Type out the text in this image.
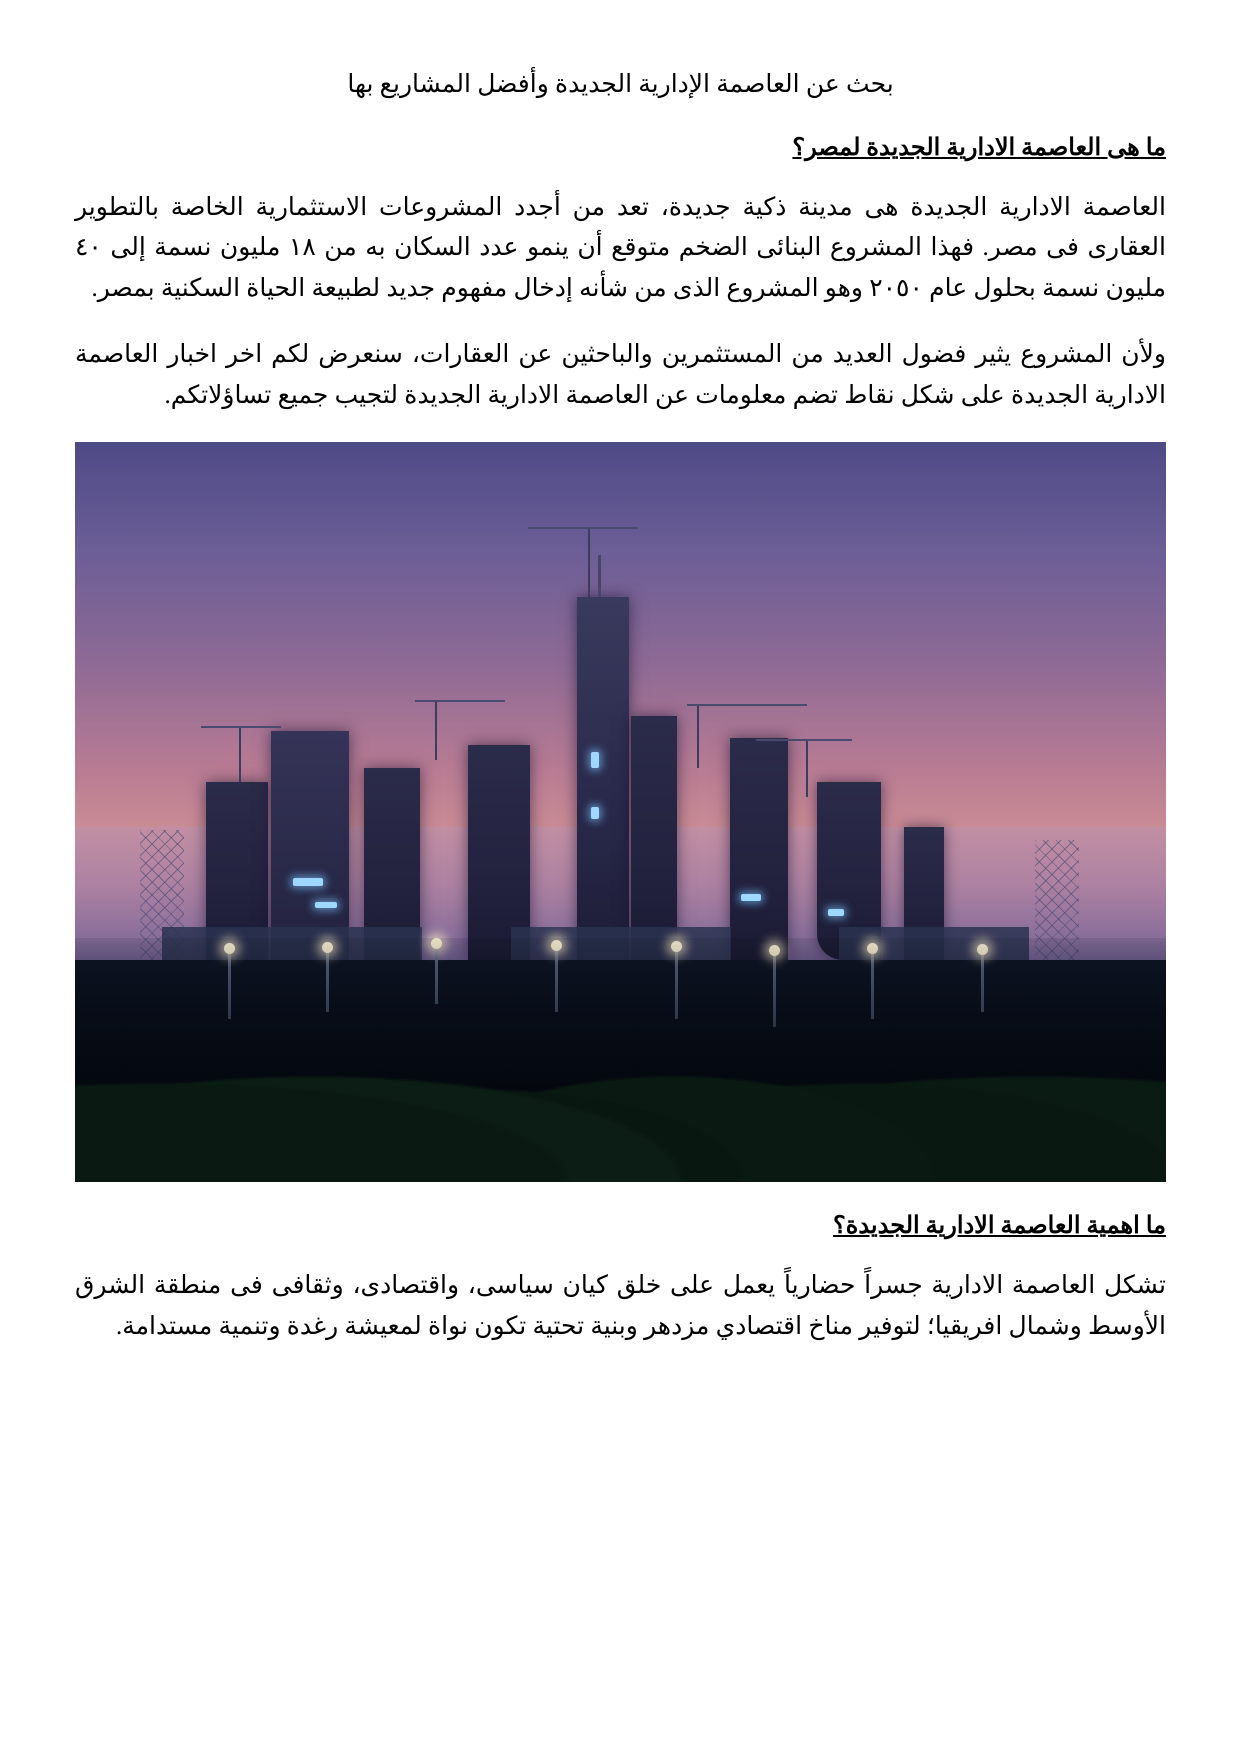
بحث عن العاصمة الإدارية الجديدة وأفضل المشاريع بها
ما هى العاصمة الادارية الجديدة لمصر؟

العاصمة الادارية الجديدة هى مدينة ذكية جديدة، تعد من أجدد المشروعات الاستثمارية الخاصة بالتطوير العقارى فى مصر. فهذا المشروع البنائى الضخم متوقع أن ينمو عدد السكان به من ١٨ مليون نسمة إلى ٤٠ مليون نسمة بحلول عام ٢٠٥٠ وهو المشروع الذى من شأنه إدخال مفهوم جديد لطبيعة الحياة السكنية بمصر.

ولأن المشروع يثير فضول العديد من المستثمرين والباحثين عن العقارات، سنعرض لكم اخر اخبار العاصمة الادارية الجديدة على شكل نقاط تضم معلومات عن العاصمة الادارية الجديدة لتجيب جميع تساؤلاتكم.

ما اهمية العاصمة الادارية الجديدة؟

تشكل العاصمة الادارية جسراً حضارياً يعمل على خلق كيان سياسى، واقتصادى، وثقافى فى منطقة الشرق الأوسط وشمال افريقيا؛ لتوفير مناخ اقتصادي مزدهر وبنية تحتية تكون نواة لمعيشة رغدة وتنمية مستدامة.
